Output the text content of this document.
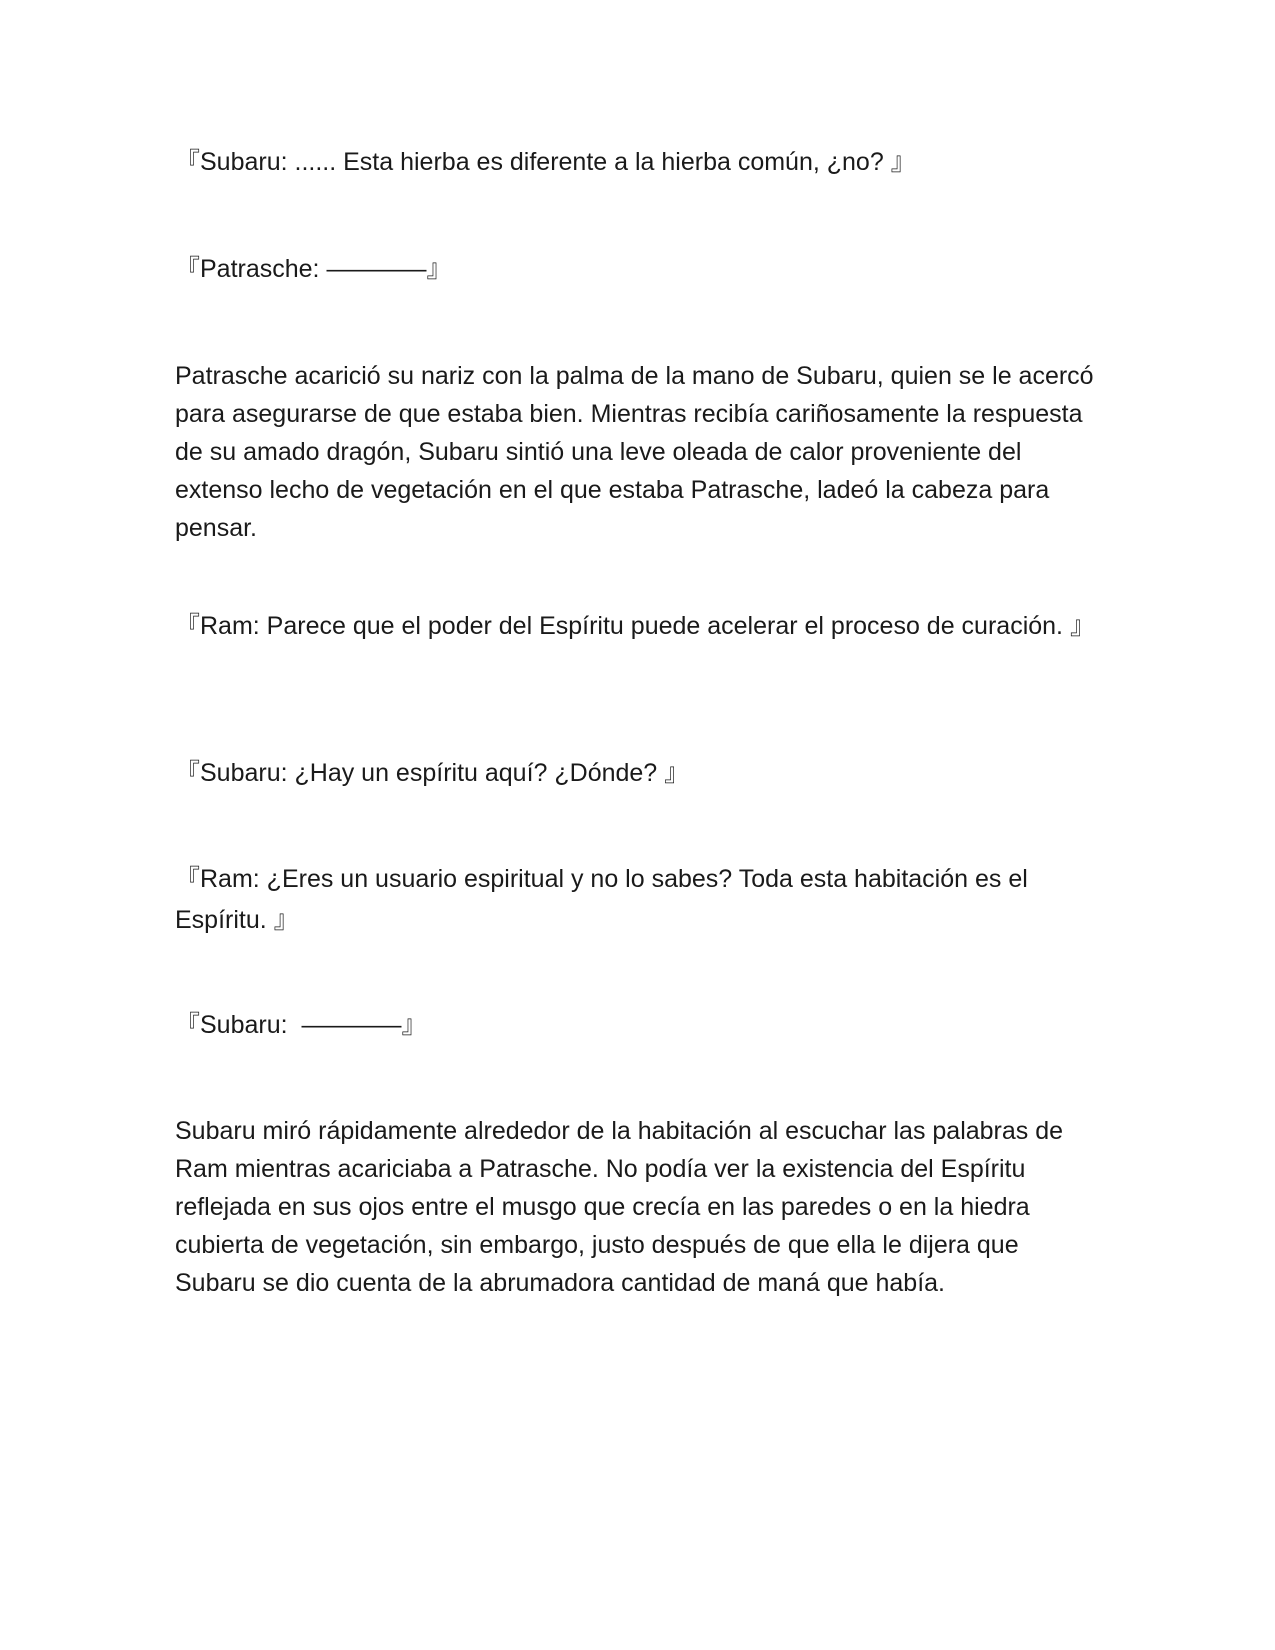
『Subaru: ...... Esta hierba es diferente a la hierba común, ¿no? 』

『Patrasche: ————』

Patrasche acarició su nariz con la palma de la mano de Subaru, quien se le acercó para asegurarse de que estaba bien. Mientras recibía cariñosamente la respuesta de su amado dragón, Subaru sintió una leve oleada de calor proveniente del extenso lecho de vegetación en el que estaba Patrasche, ladeó la cabeza para pensar.

『Ram: Parece que el poder del Espíritu puede acelerar el proceso de curación. 』

『Subaru: ¿Hay un espíritu aquí? ¿Dónde? 』

『Ram: ¿Eres un usuario espiritual y no lo sabes? Toda esta habitación es el Espíritu. 』

『Subaru:  ————』

Subaru miró rápidamente alrededor de la habitación al escuchar las palabras de Ram mientras acariciaba a Patrasche. No podía ver la existencia del Espíritu reflejada en sus ojos entre el musgo que crecía en las paredes o en la hiedra cubierta de vegetación, sin embargo, justo después de que ella le dijera que Subaru se dio cuenta de la abrumadora cantidad de maná que había.
